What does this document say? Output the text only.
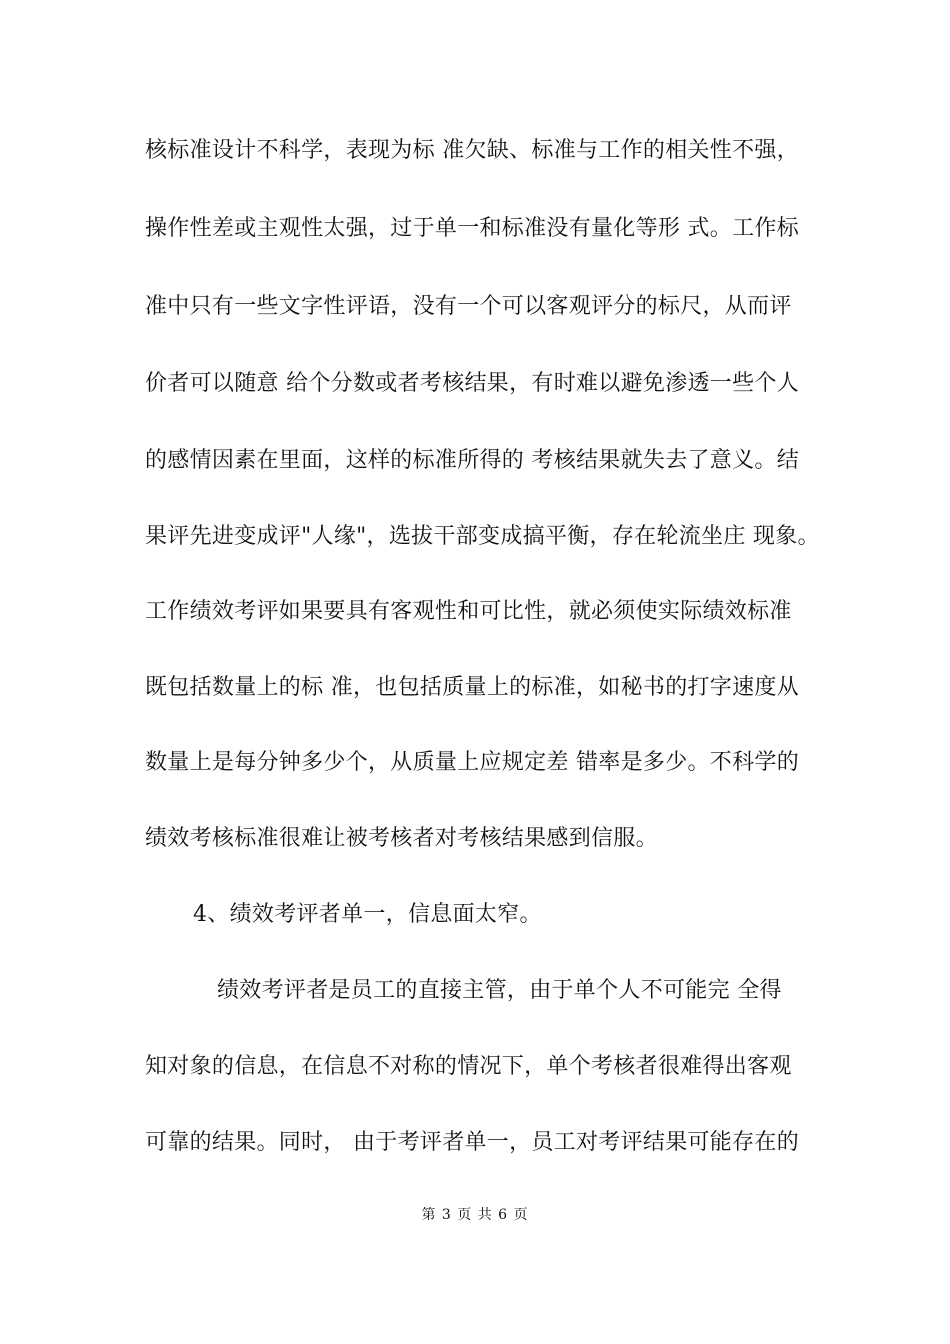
核标准设计不科学，表现为标 准欠缺、标准与工作的相关性不强，
操作性差或主观性太强，过于单一和标准没有量化等形 式。工作标
准中只有一些文字性评语，没有一个可以客观评分的标尺，从而评
价者可以随意 给个分数或者考核结果，有时难以避免渗透一些个人
的感情因素在里面，这样的标准所得的 考核结果就失去了意义。结
果评先进变成评"人缘"，选拔干部变成搞平衡，存在轮流坐庄 现象。
工作绩效考评如果要具有客观性和可比性，就必须使实际绩效标准
既包括数量上的标 准，也包括质量上的标准，如秘书的打字速度从
数量上是每分钟多少个，从质量上应规定差 错率是多少。不科学的
绩效考核标准很难让被考核者对考核结果感到信服。
4、绩效考评者单一，信息面太窄。
绩效考评者是员工的直接主管，由于单个人不可能完 全得
知对象的信息，在信息不对称的情况下，单个考核者很难得出客观
可靠的结果。同时， 由于考评者单一，员工对考评结果可能存在的
第 3 页 共 6 页
